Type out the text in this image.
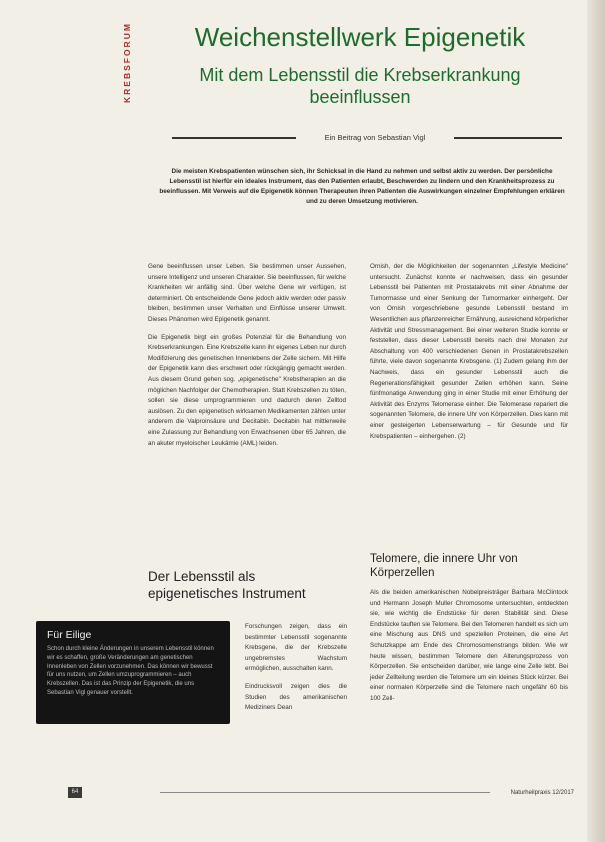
KREBSFORUM	Weichenstellwerk Epigenetik
Mit dem Lebensstil die Krebserkrankung beeinflussen
Ein Beitrag von Sebastian Vigl
Die meisten Krebspatienten wünschen sich, ihr Schicksal in die Hand zu nehmen und selbst aktiv zu werden. Der persönliche Lebensstil ist hierfür ein ideales Instrument, das den Patienten erlaubt, Beschwerden zu lindern und den Krankheitsprozess zu beeinflussen. Mit Verweis auf die Epigenetik können Therapeuten ihren Patienten die Auswirkungen einzelner Empfehlungen erklären und zu deren Umsetzung motivieren.

Gene beeinflussen unser Leben. Sie bestimmen unser Aussehen, unsere Intelligenz und unseren Charakter. Sie beeinflussen, für welche Krankheiten wir anfällig sind. Über welche Gene wir verfügen, ist determiniert. Ob entscheidende Gene jedoch aktiv werden oder passiv bleiben, bestimmen unser Verhalten und Einflüsse unserer Umwelt. Dieses Phänomen wird Epigenetik genannt.

Die Epigenetik birgt ein großes Potenzial für die Behandlung von Krebserkrankungen. Eine Krebszelle kann ihr eigenes Leben nur durch Modifizierung des genetischen Innenlebens der Zelle sichern. Mit Hilfe der Epigenetik kann dies erschwert oder rückgängig gemacht werden. Aus diesem Grund gehen sog. „epigenetische" Krebstherapien an die möglichen Nachfolger der Chemotherapien. Statt Krebszellen zu töten, sollen sie diese umprogrammieren und dadurch deren Zelltod auslösen. Zu den epigenetisch wirksamen Medikamenten zählen unter anderem die Valproinsäure und Decitabin. Decitabin hat mittlerweile eine Zulassung zur Behandlung von Erwachsenen über 65 Jahren, die an akuter myeloischer Leukämie (AML) leiden.

Der Lebensstil als epigenetisches Instrument

Forschungen zeigen, dass ein bestimmter Lebensstil sogenannte Krebsgene, die der Krebszelle ungebremstes Wachstum ermöglichen, ausschalten kann.

Eindrucksvoll zeigen dies die Studien des amerikanischen Mediziners Dean

Ornish, der die Möglichkeiten der sogenannten „Lifestyle Medicine" untersucht. Zunächst konnte er nachweisen, dass ein gesunder Lebensstil bei Patienten mit Prostatakrebs mit einer Abnahme der Tumormasse und einer Senkung der Tumormarker einhergeht. Der von Ornish vorgeschriebene gesunde Lebensstil bestand im Wesentlichen aus pflanzenreicher Ernährung, ausreichend körperlicher Aktivität und Stressmanagement. Bei einer weiteren Studie konnte er feststellen, dass dieser Lebensstil bereits nach drei Monaten zur Abschaltung von 400 verschiedenen Genen in Prostatakrebszellen führte, viele davon sogenannte Krebsgene. (1) Zudem gelang ihm der Nachweis, dass ein gesunder Lebensstil auch die Regenerationsfähigkeit gesunder Zellen erhöhen kann. Seine fünfmonatige Anwendung ging in einer Studie mit einer Erhöhung der Aktivität des Enzyms Telomerase einher. Die Telomerase repariert die sogenannten Telomere, die innere Uhr von Körperzellen. Dies kann mit einer gesteigerten Lebenserwartung – für Gesunde und für Krebspatienten – einhergehen. (2)

Telomere, die innere Uhr von Körperzellen

Als die beiden amerikanischen Nobelpreisträger Barbara McClintock und Hermann Joseph Muller Chromosome untersuchten, entdeckten sie, wie wichtig die Endstücke für deren Stabilität sind. Diese Endstücke tauften sie Telomere. Bei den Telomeren handelt es sich um eine Mischung aus DNS und speziellen Proteinen, die eine Art Schutzkappe am Ende des Chromosomenstrangs bilden. Wie wir heute wissen, bestimmen Telomere den Alterungsprozess von Körperzellen. Sie entscheiden darüber, wie lange eine Zelle lebt. Bei jeder Zellteilung werden die Telomere um ein kleines Stück kürzer. Bei einer normalen Körperzelle sind die Telomere nach ungefähr 60 bis 100 Zell-

Für Eilige
Schon durch kleine Änderungen in unserem Lebensstil können wir es schaffen, große Veränderungen am genetischen Innenleben von Zellen vorzunehmen. Das können wir bewusst für uns nutzen, um Zellen umzuprogrammieren – auch Krebszellen. Das ist das Prinzip der Epigenetik, die uns Sebastian Vigl genauer vorstellt.
64	Naturheilpraxis 12/2017
